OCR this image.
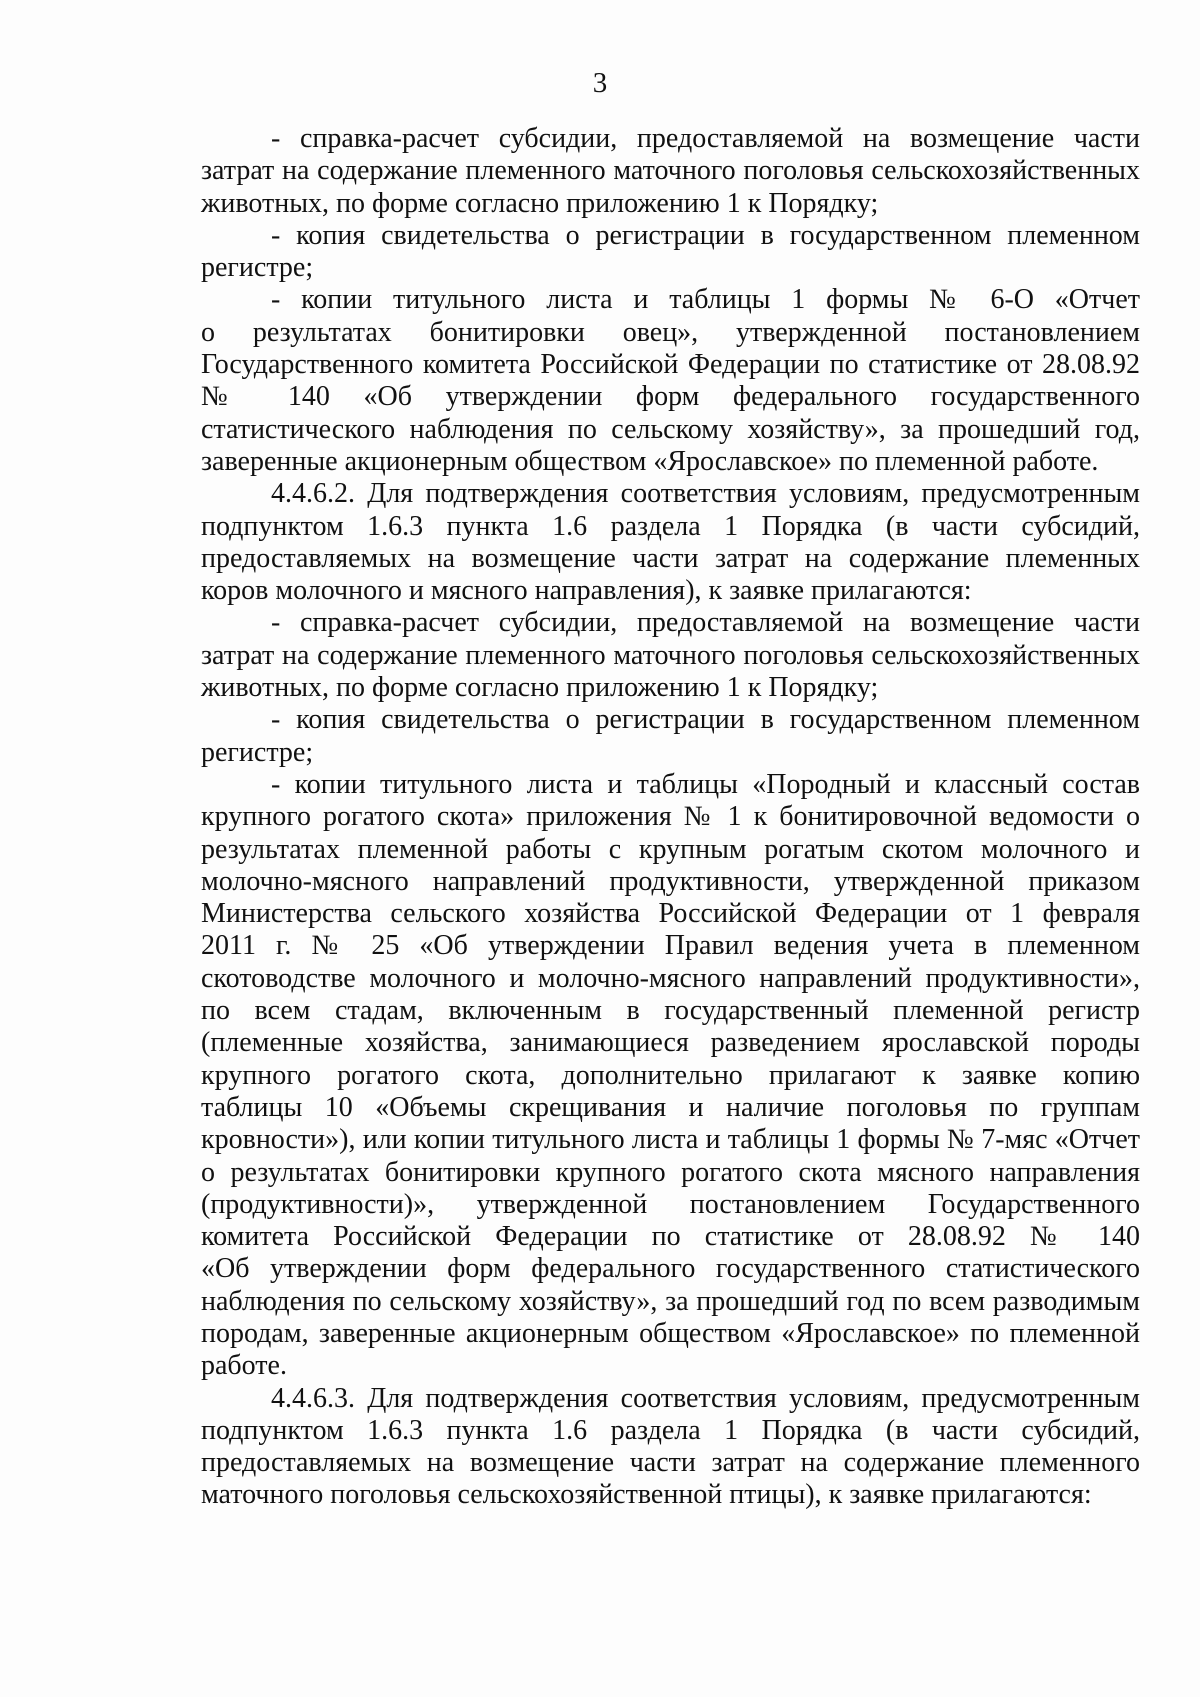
3
- справка-расчет субсидии, предоставляемой на возмещение части
затрат на содержание племенного маточного поголовья сельскохозяйственных
животных, по форме согласно приложению 1 к Порядку;
- копия свидетельства о регистрации в государственном племенном
регистре;
- копии титульного листа и таблицы 1 формы № 6-О «Отчет
о результатах бонитировки овец», утвержденной постановлением
Государственного комитета Российской Федерации по статистике от 28.08.92
№ 140 «Об утверждении форм федерального государственного
статистического наблюдения по сельскому хозяйству», за прошедший год,
заверенные акционерным обществом «Ярославское» по племенной работе.
4.4.6.2. Для подтверждения соответствия условиям, предусмотренным
подпунктом 1.6.3 пункта 1.6 раздела 1 Порядка (в части субсидий,
предоставляемых на возмещение части затрат на содержание племенных
коров молочного и мясного направления), к заявке прилагаются:
- справка-расчет субсидии, предоставляемой на возмещение части
затрат на содержание племенного маточного поголовья сельскохозяйственных
животных, по форме согласно приложению 1 к Порядку;
- копия свидетельства о регистрации в государственном племенном
регистре;
- копии титульного листа и таблицы «Породный и классный состав
крупного рогатого скота» приложения № 1 к бонитировочной ведомости о
результатах племенной работы с крупным рогатым скотом молочного и
молочно-мясного направлений продуктивности, утвержденной приказом
Министерства сельского хозяйства Российской Федерации от 1 февраля
2011 г. № 25 «Об утверждении Правил ведения учета в племенном
скотоводстве молочного и молочно-мясного направлений продуктивности»,
по всем стадам, включенным в государственный племенной регистр
(племенные хозяйства, занимающиеся разведением ярославской породы
крупного рогатого скота, дополнительно прилагают к заявке копию
таблицы 10 «Объемы скрещивания и наличие поголовья по группам
кровности»), или копии титульного листа и таблицы 1 формы № 7-мяс «Отчет
о результатах бонитировки крупного рогатого скота мясного направления
(продуктивности)», утвержденной постановлением Государственного
комитета Российской Федерации по статистике от 28.08.92 № 140
«Об утверждении форм федерального государственного статистического
наблюдения по сельскому хозяйству», за прошедший год по всем разводимым
породам, заверенные акционерным обществом «Ярославское» по племенной
работе.
4.4.6.3. Для подтверждения соответствия условиям, предусмотренным
подпунктом 1.6.3 пункта 1.6 раздела 1 Порядка (в части субсидий,
предоставляемых на возмещение части затрат на содержание племенного
маточного поголовья сельскохозяйственной птицы), к заявке прилагаются:
